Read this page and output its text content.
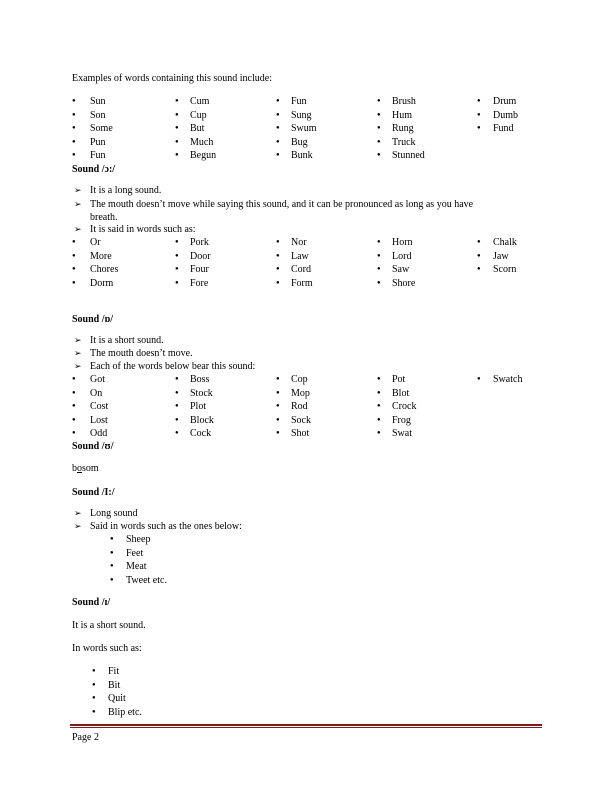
Examples of words containing this sound include:
● Sun
● Son
● Some
● Pun
● Fun
● Cum
● Cup
● But
● Much
● Begun
● Fun
● Sung
● Swum
● Bug
● Bunk
● Brush
● Hum
● Rung
● Truck
● Stunned
● Drum
● Dumb
● Fund
Sound /ɔ:/
➢ It is a long sound.
➢ The mouth doesn’t move while saying this sound, and it can be pronounced as long as you have
breath.
➢ It is said in words such as:
● Or
● More
● Chores
● Dorm
● Pork
● Door
● Four
● Fore
● Nor
● Law
● Cord
● Form
● Horn
● Lord
● Saw
● Shore
● Chalk
● Jaw
● Scorn
Sound /ɒ/
➢ It is a short sound.
➢ The mouth doesn’t move.
➢ Each of the words below bear this sound:
● Got
● On
● Cost
● Lost
● Odd
● Boss
● Stock
● Plot
● Block
● Cock
● Cop
● Mop
● Rod
● Sock
● Shot
● Pot
● Blot
● Crock
● Frog
● Swat
● Swatch
Sound /ʊ/
bosom
Sound /I:/
➢ Long sound
➢ Said in words such as the ones below:
● Sheep
● Feet
● Meat
● Tweet etc.
Sound /ɪ/
It is a short sound.
In words such as:
● Fit
● Bit
● Quit
● Blip etc.
Page 2
